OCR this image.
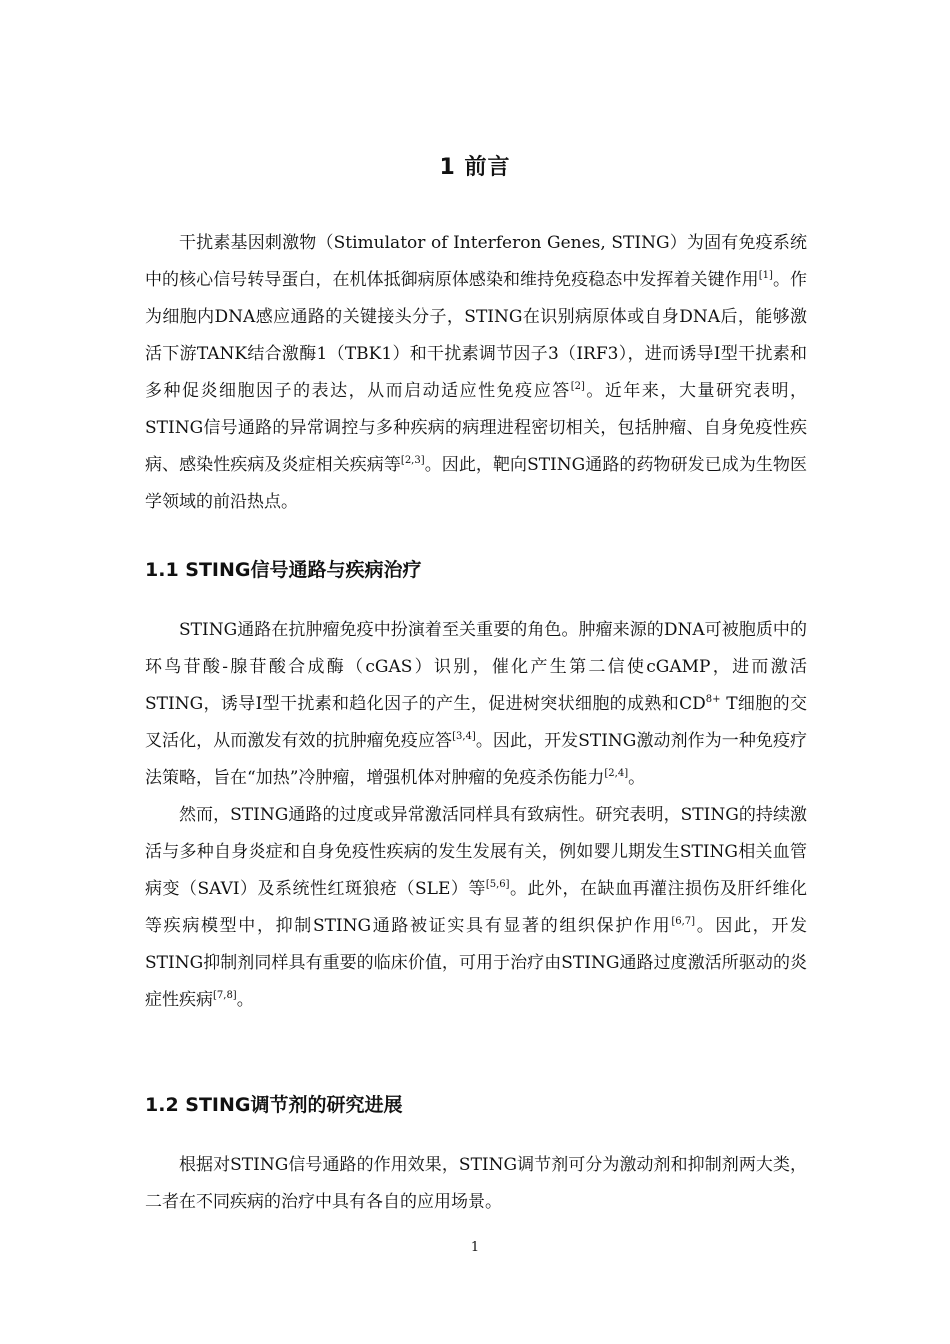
1 前言

干扰素基因刺激物（Stimulator of Interferon Genes, STING）为固有免疫系统中的核心信号转导蛋白，在机体抵御病原体感染和维持免疫稳态中发挥着关键作用[1]。作为细胞内DNA感应通路的关键接头分子，STING在识别病原体或自身DNA后，能够激活下游TANK结合激酶1（TBK1）和干扰素调节因子3（IRF3），进而诱导I型干扰素和多种促炎细胞因子的表达，从而启动适应性免疫应答[2]。近年来，大量研究表明，STING信号通路的异常调控与多种疾病的病理进程密切相关，包括肿瘤、自身免疫性疾病、感染性疾病及炎症相关疾病等[2,3]。因此，靶向STING通路的药物研发已成为生物医学领域的前沿热点。

1.1 STING信号通路与疾病治疗

STING通路在抗肿瘤免疫中扮演着至关重要的角色。肿瘤来源的DNA可被胞质中的环鸟苷酸-腺苷酸合成酶（cGAS）识别，催化产生第二信使cGAMP，进而激活STING，诱导I型干扰素和趋化因子的产生，促进树突状细胞的成熟和$CD^{8+}$ T细胞的交叉活化，从而激发有效的抗肿瘤免疫应答[3,4]。因此，开发STING激动剂作为一种免疫疗法策略，旨在“加热”冷肿瘤，增强机体对肿瘤的免疫杀伤能力[2,4]。

然而，STING通路的过度或异常激活同样具有致病性。研究表明，STING的持续激活与多种自身炎症和自身免疫性疾病的发生发展有关，例如婴儿期发生STING相关血管病变（SAVI）及系统性红斑狼疮（SLE）等[5,6]。此外，在缺血再灌注损伤及肝纤维化等疾病模型中，抑制STING通路被证实具有显著的组织保护作用[6,7]。因此，开发STING抑制剂同样具有重要的临床价值，可用于治疗由STING通路过度激活所驱动的炎症性疾病[7,8]。

1.2 STING调节剂的研究进展

根据对STING信号通路的作用效果，STING调节剂可分为激动剂和抑制剂两大类，二者在不同疾病的治疗中具有各自的应用场景。

1
